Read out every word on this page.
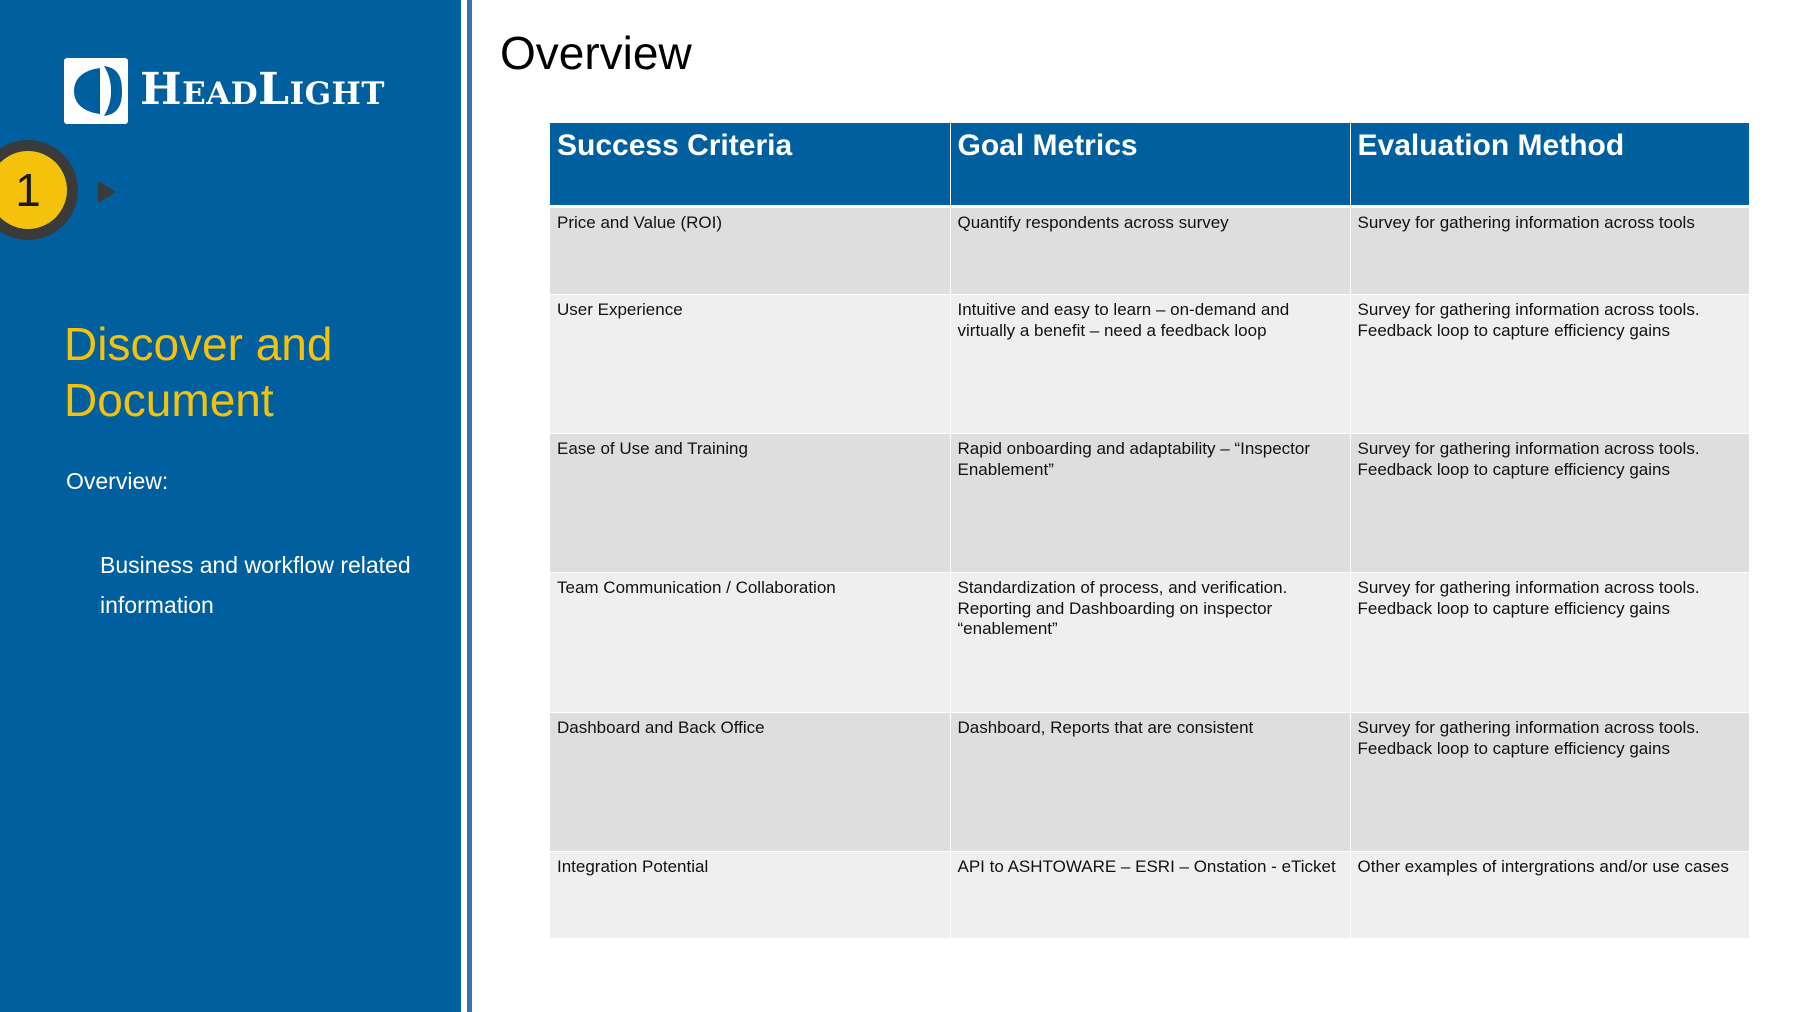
HeadLight
1
Discover and Document
Overview:
Business and workflow related information
Overview
Success Criteria	Goal Metrics	Evaluation Method
Price and Value (ROI)	Quantify respondents across survey	Survey for gathering information across tools
User Experience	Intuitive and easy to learn – on-demand and virtually a benefit – need a feedback loop	Survey for gathering information across tools. Feedback loop to capture efficiency gains
Ease of Use and Training	Rapid onboarding and adaptability – “Inspector Enablement”	Survey for gathering information across tools. Feedback loop to capture efficiency gains
Team Communication / Collaboration	Standardization of process, and verification. Reporting and Dashboarding on inspector “enablement”	Survey for gathering information across tools. Feedback loop to capture efficiency gains
Dashboard and Back Office	Dashboard, Reports that are consistent	Survey for gathering information across tools. Feedback loop to capture efficiency gains
Integration Potential	API to ASHTOWARE – ESRI – Onstation - eTicket	Other examples of intergrations and/or use cases
